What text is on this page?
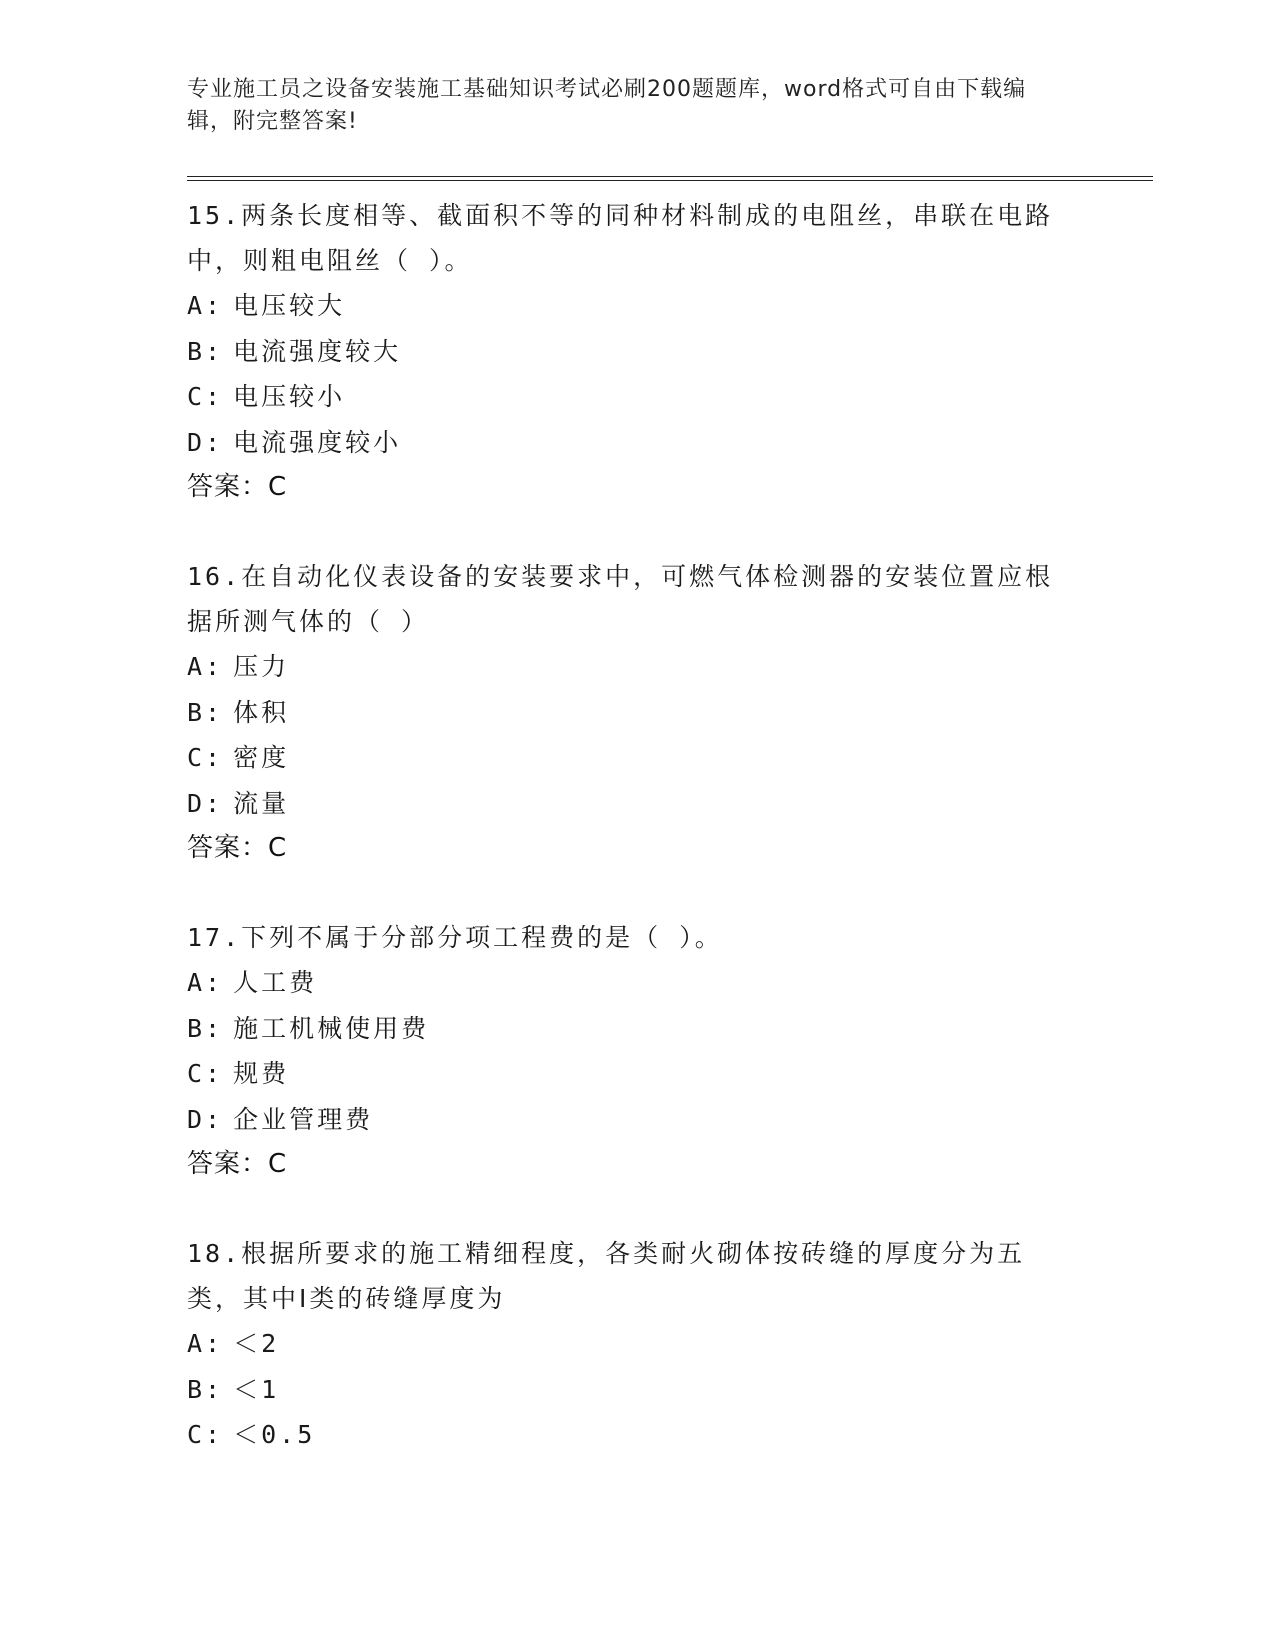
专业施工员之设备安装施工基础知识考试必刷200题题库，word格式可自由下载编辑，附完整答案!
15.两条长度相等、截面积不等的同种材料制成的电阻丝，串联在电路中，则粗电阻丝（ ）。
A: 电压较大
B: 电流强度较大
C: 电压较小
D: 电流强度较小
答案：C
16.在自动化仪表设备的安装要求中，可燃气体检测器的安装位置应根据所测气体的（ ）
A: 压力
B: 体积
C: 密度
D: 流量
答案：C
17.下列不属于分部分项工程费的是（ ）。
A: 人工费
B: 施工机械使用费
C: 规费
D: 企业管理费
答案：C
18.根据所要求的施工精细程度，各类耐火砌体按砖缝的厚度分为五类，其中Ⅰ类的砖缝厚度为
A: ＜2
B: ＜1
C: ＜0.5
